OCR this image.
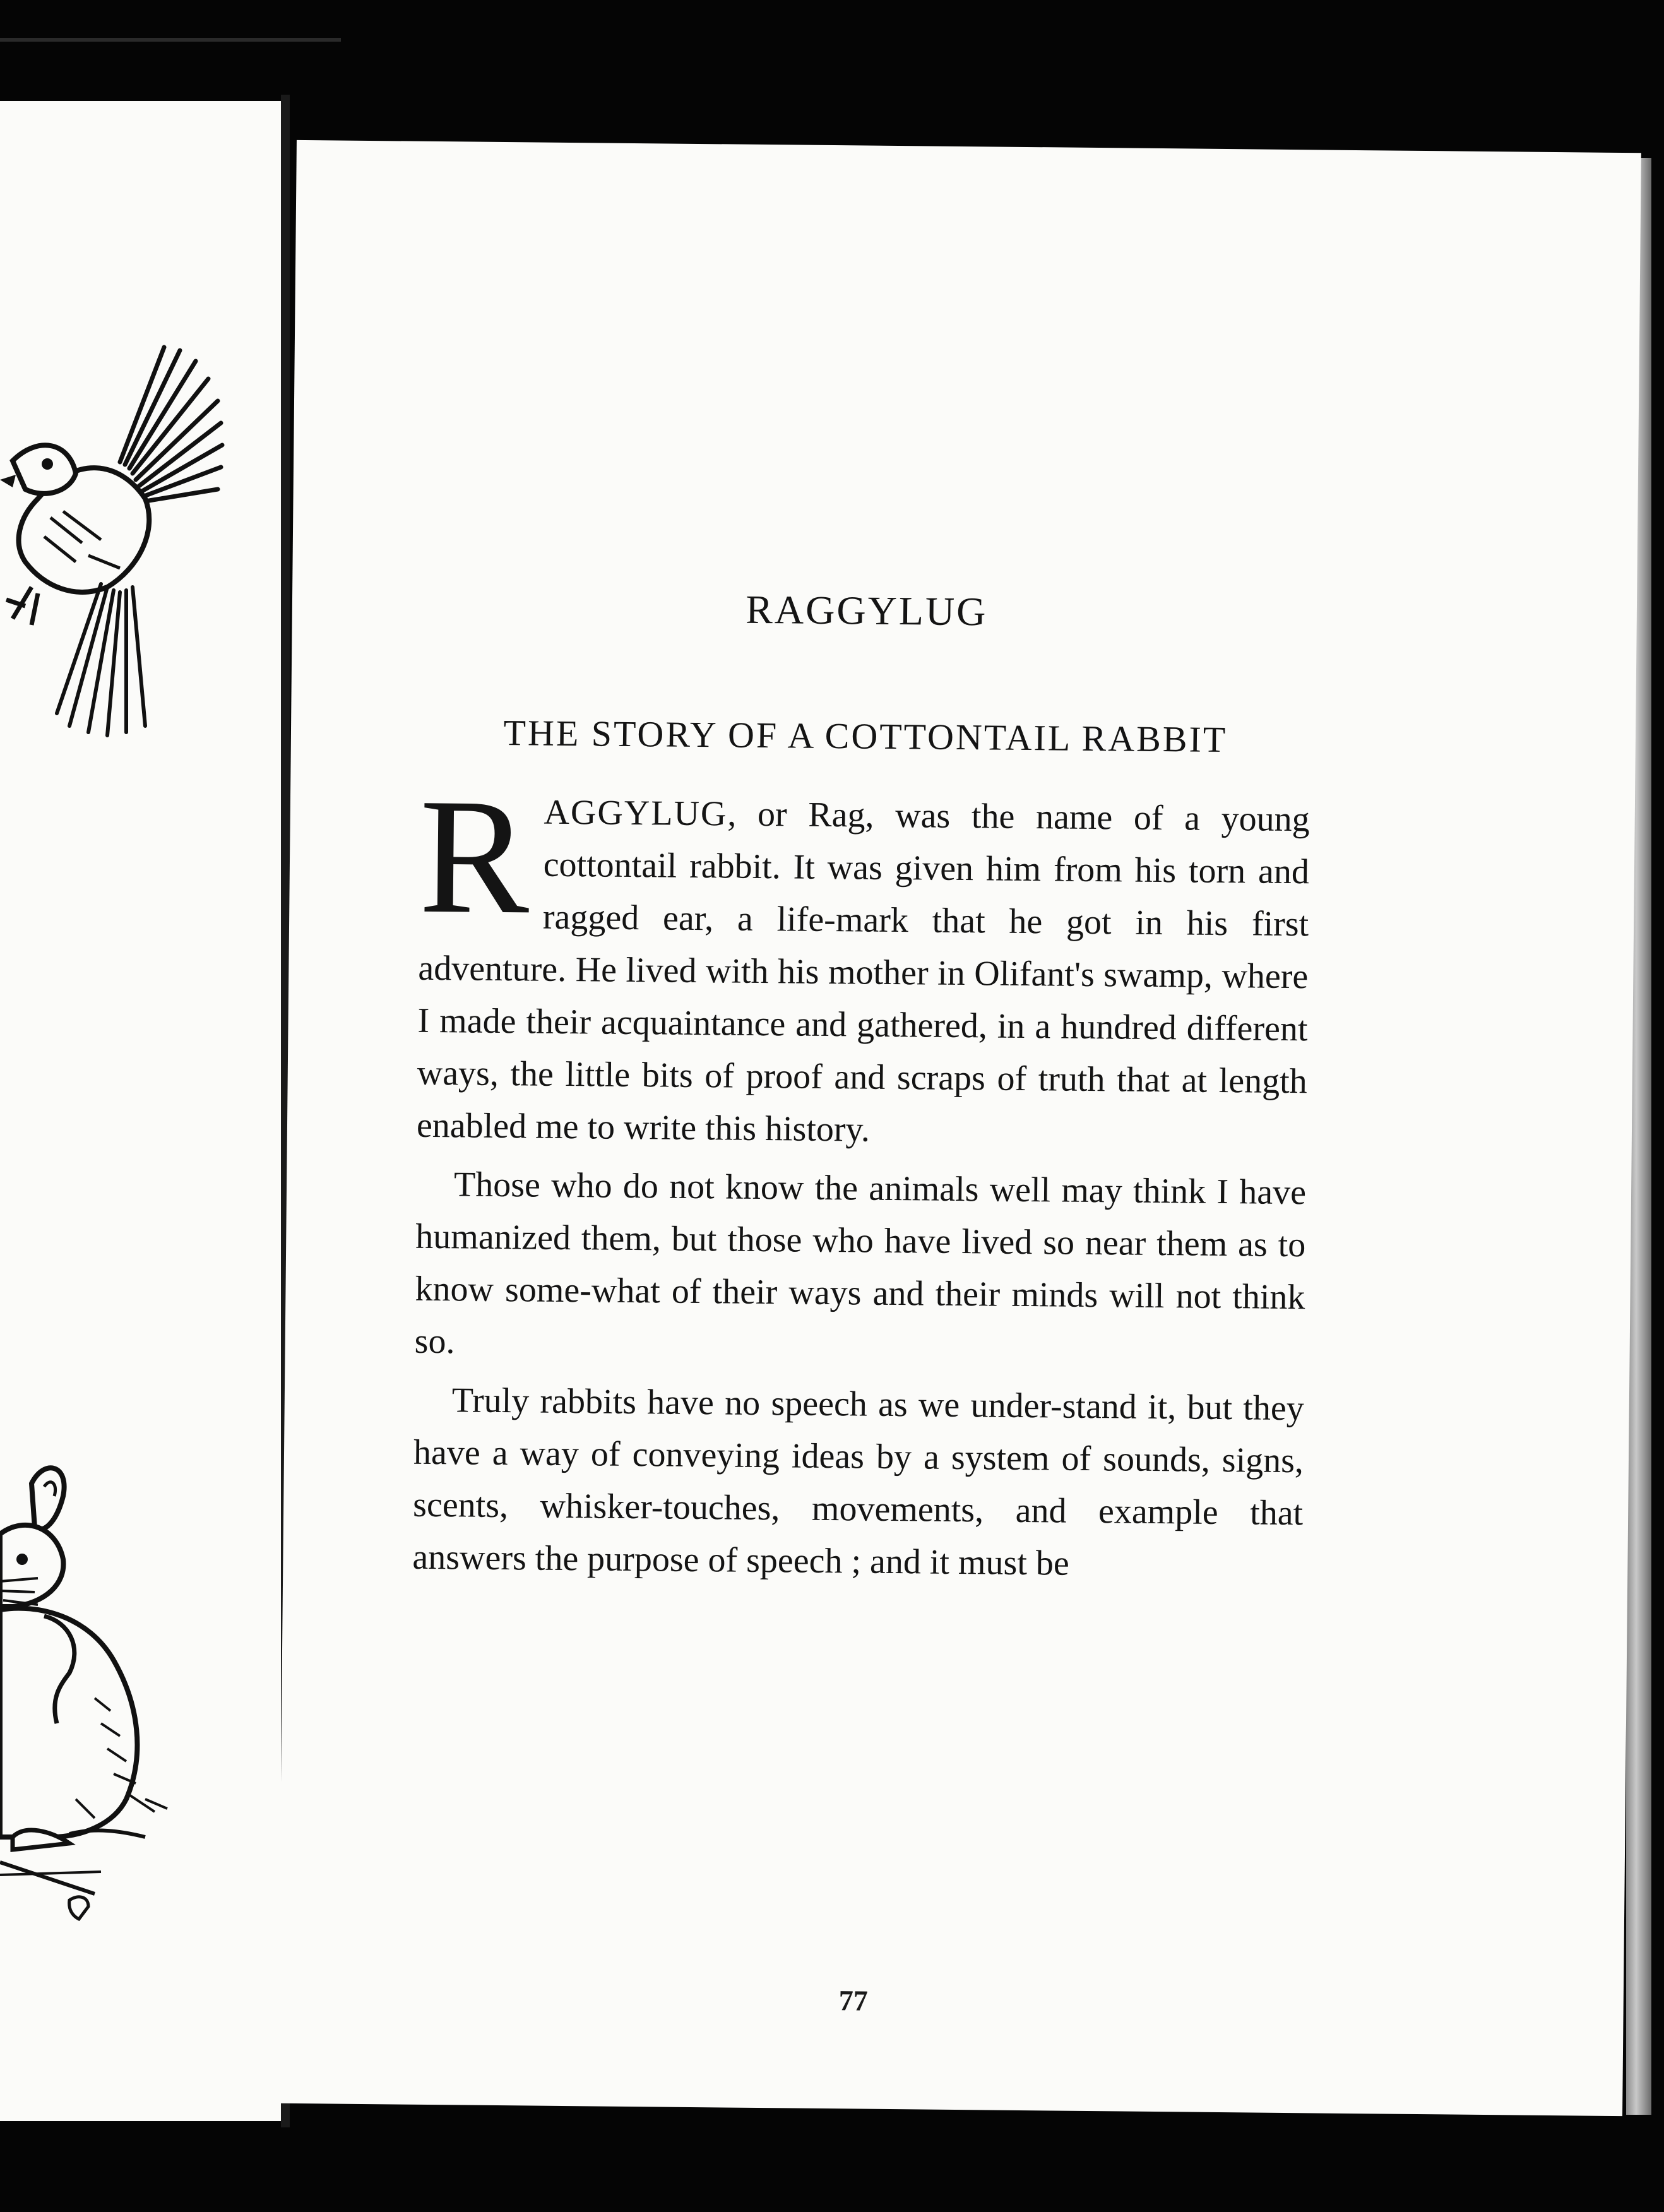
RAGGYLUG
THE STORY OF A COTTONTAIL RABBIT

RAGGYLUG, or Rag, was the name of a young cottontail rabbit. It was given him from his torn and ragged ear, a life-mark that he got in his first adventure. He lived with his mother in Olifant's swamp, where I made their acquaintance and gathered, in a hundred different ways, the little bits of proof and scraps of truth that at length enabled me to write this history.

Those who do not know the animals well may think I have humanized them, but those who have lived so near them as to know some-what of their ways and their minds will not think so.

Truly rabbits have no speech as we under-stand it, but they have a way of conveying ideas by a system of sounds, signs, scents, whisker-touches, movements, and example that answers the purpose of speech ; and it must be

77
